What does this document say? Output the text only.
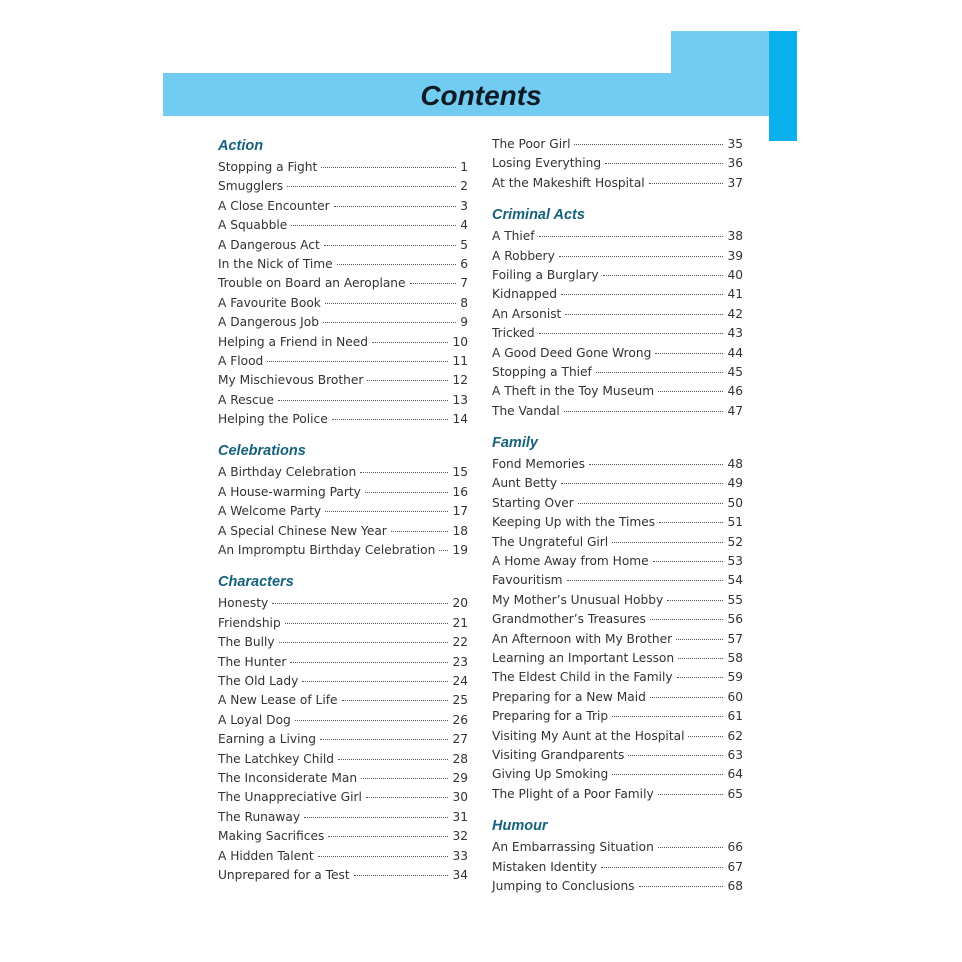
Contents
Action
Stopping a Fight	1
Smugglers	2
A Close Encounter	3
A Squabble	4
A Dangerous Act	5
In the Nick of Time	6
Trouble on Board an Aeroplane	7
A Favourite Book	8
A Dangerous Job	9
Helping a Friend in Need	10
A Flood	11
My Mischievous Brother	12
A Rescue	13
Helping the Police	14
Celebrations
A Birthday Celebration	15
A House-warming Party	16
A Welcome Party	17
A Special Chinese New Year	18
An Impromptu Birthday Celebration 19
Characters
Honesty	20
Friendship	21
The Bully	22
The Hunter	23
The Old Lady	24
A New Lease of Life	25
A Loyal Dog	26
Earning a Living	27
The Latchkey Child	28
The Inconsiderate Man	29
The Unappreciative Girl	30
The Runaway	31
Making Sacrifices	32
A Hidden Talent	33
Unprepared for a Test	34
The Poor Girl	35
Losing Everything	36
At the Makeshift Hospital	37
Criminal Acts
A Thief	38
A Robbery	39
Foiling a Burglary	40
Kidnapped	41
An Arsonist	42
Tricked	43
A Good Deed Gone Wrong	44
Stopping a Thief	45
A Theft in the Toy Museum	46
The Vandal	47
Family
Fond Memories	48
Aunt Betty	49
Starting Over	50
Keeping Up with the Times	51
The Ungrateful Girl	52
A Home Away from Home	53
Favouritism	54
My Mother’s Unusual Hobby	55
Grandmother’s Treasures	56
An Afternoon with My Brother	57
Learning an Important Lesson	58
The Eldest Child in the Family	59
Preparing for a New Maid	60
Preparing for a Trip	61
Visiting My Aunt at the Hospital	62
Visiting Grandparents	63
Giving Up Smoking	64
The Plight of a Poor Family	65
Humour
An Embarrassing Situation	66
Mistaken Identity	67
Jumping to Conclusions	68
